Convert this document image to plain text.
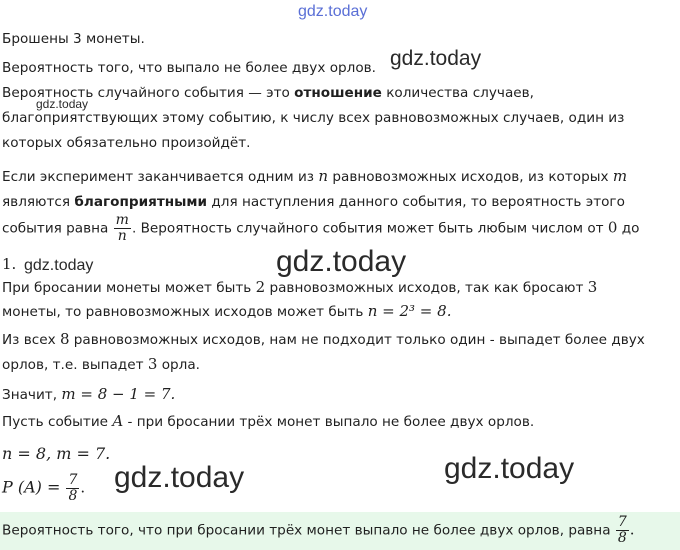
gdz.today
gdz.today
gdz.today
gdz.today	gdz.today
gdz.today	gdz.today
Брошены 3 монеты.
Вероятность того, что выпало не более двух орлов.
Вероятность случайного события — это отношение количества случаев,
благоприятствующих этому событию, к числу всех равновозможных случаев, один из
которых обязательно произойдёт.
Если эксперимент заканчивается одним из n равновозможных исходов, из которых m
являются благоприятными для наступления данного события, то вероятность этого
события равна $\frac{m}{n}$ . Вероятность случайного события может быть любым числом от 0 до
1.
При бросании монеты может быть 2 равновозможных исходов, так как бросают 3
монеты, то равновозможных исходов может быть n = 2³ = 8.
Из всех 8 равновозможных исходов, нам не подходит только один - выпадет более двух
орлов, т.е. выпадет 3 орла.
Значит, m = 8 − 1 = 7.
Пусть событие A - при бросании трёх монет выпало не более двух орлов.
n = 8, m = 7.
P $(A) = \frac{7}{8}$ .
Вероятность того, что при бросании трёх монет выпало не более двух орлов, равна $\frac{7}{8}$ .
